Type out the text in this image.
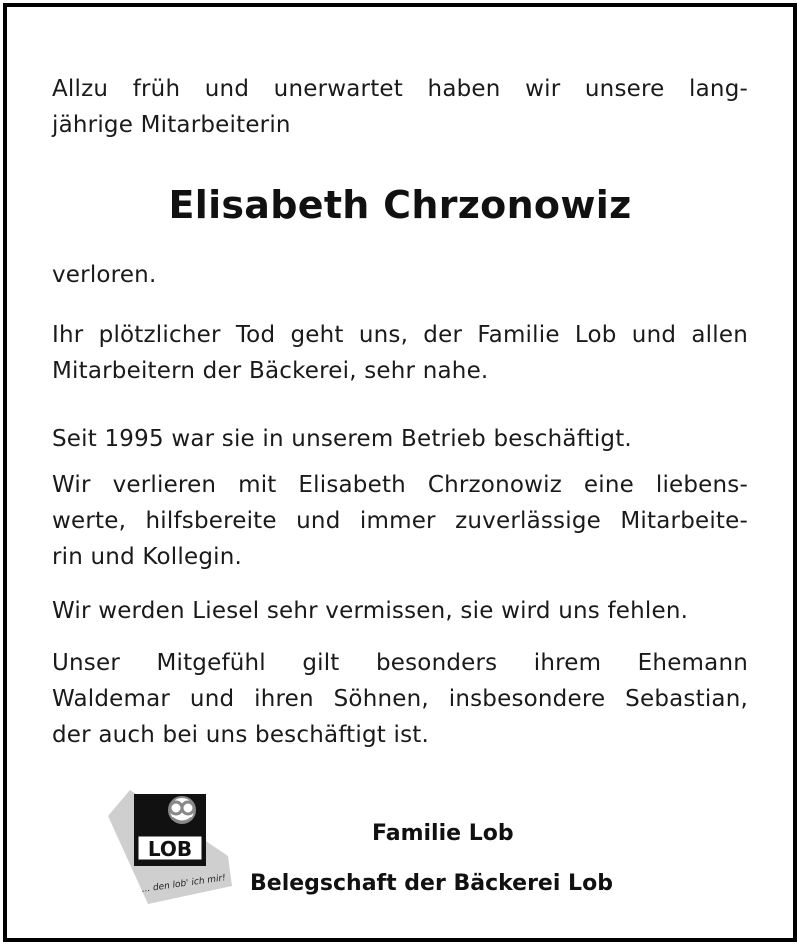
Allzu früh und unerwartet haben wir unsere lang-
jährige Mitarbeiterin
Elisabeth Chrzonowiz
verloren.
Ihr plötzlicher Tod geht uns, der Familie Lob und allen
Mitarbeitern der Bäckerei, sehr nahe.
Seit 1995 war sie in unserem Betrieb beschäftigt.
Wir verlieren mit Elisabeth Chrzonowiz eine liebens-
werte, hilfsbereite und immer zuverlässige Mitarbeite-
rin und Kollegin.
Wir werden Liesel sehr vermissen, sie wird uns fehlen.
Unser Mitgefühl gilt besonders ihrem Ehemann
Waldemar und ihren Söhnen, insbesondere Sebastian,
der auch bei uns beschäftigt ist.
LOB
... den lob' ich mir!
Familie Lob
Belegschaft der Bäckerei Lob
